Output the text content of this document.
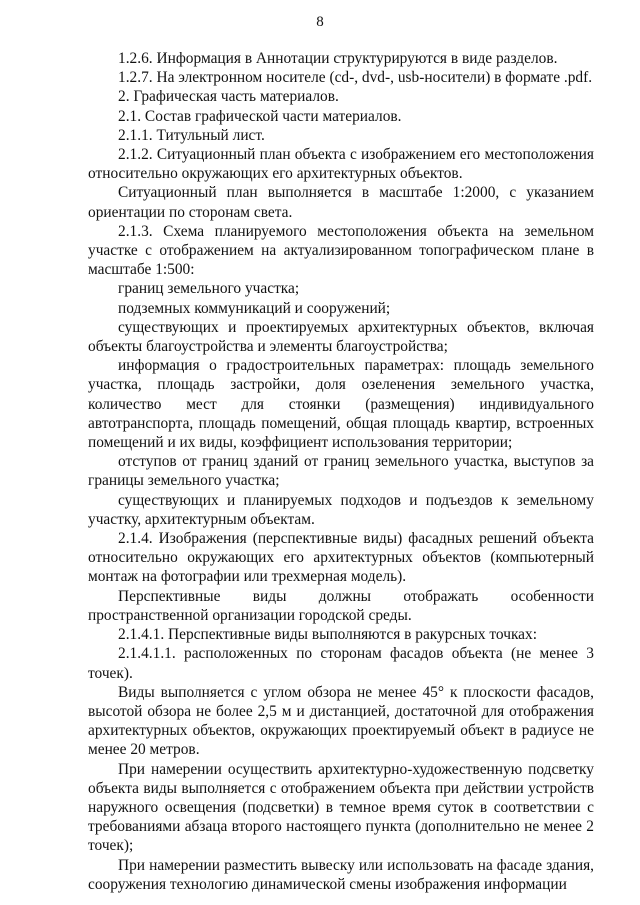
8

1.2.6. Информация в Аннотации структурируются в виде разделов.

1.2.7. На электронном носителе (cd-, dvd-, usb-носители) в формате .pdf.

2. Графическая часть материалов.

2.1. Состав графической части материалов.

2.1.1. Титульный лист.

2.1.2. Ситуационный план объекта с изображением его местоположения относительно окружающих его архитектурных объектов.

Ситуационный план выполняется в масштабе 1:2000, с указанием ориентации по сторонам света.

2.1.3. Схема планируемого местоположения объекта на земельном участке с отображением на актуализированном топографическом плане в масштабе 1:500:

границ земельного участка;

подземных коммуникаций и сооружений;

существующих и проектируемых архитектурных объектов, включая объекты благоустройства и элементы благоустройства;

информация о градостроительных параметрах: площадь земельного участка, площадь застройки, доля озеленения земельного участка, количество мест для стоянки (размещения) индивидуального автотранспорта, площадь помещений, общая площадь квартир, встроенных помещений и их виды, коэффициент использования территории;

отступов от границ зданий от границ земельного участка, выступов за границы земельного участка;

существующих и планируемых подходов и подъездов к земельному участку, архитектурным объектам.

2.1.4. Изображения (перспективные виды) фасадных решений объекта относительно окружающих его архитектурных объектов (компьютерный монтаж на фотографии или трехмерная модель).

Перспективные виды должны отображать особенности пространственной организации городской среды.

2.1.4.1. Перспективные виды выполняются в ракурсных точках:

2.1.4.1.1. расположенных по сторонам фасадов объекта (не менее 3 точек).

Виды выполняется с углом обзора не менее 45° к плоскости фасадов, высотой обзора не более 2,5 м и дистанцией, достаточной для отображения архитектурных объектов, окружающих проектируемый объект в радиусе не менее 20 метров.

При намерении осуществить архитектурно-художественную подсветку объекта виды выполняется с отображением объекта при действии устройств наружного освещения (подсветки) в темное время суток в соответствии с требованиями абзаца второго настоящего пункта (дополнительно не менее 2 точек);

При намерении разместить вывеску или использовать на фасаде здания, сооружения технологию динамической смены изображения информации
